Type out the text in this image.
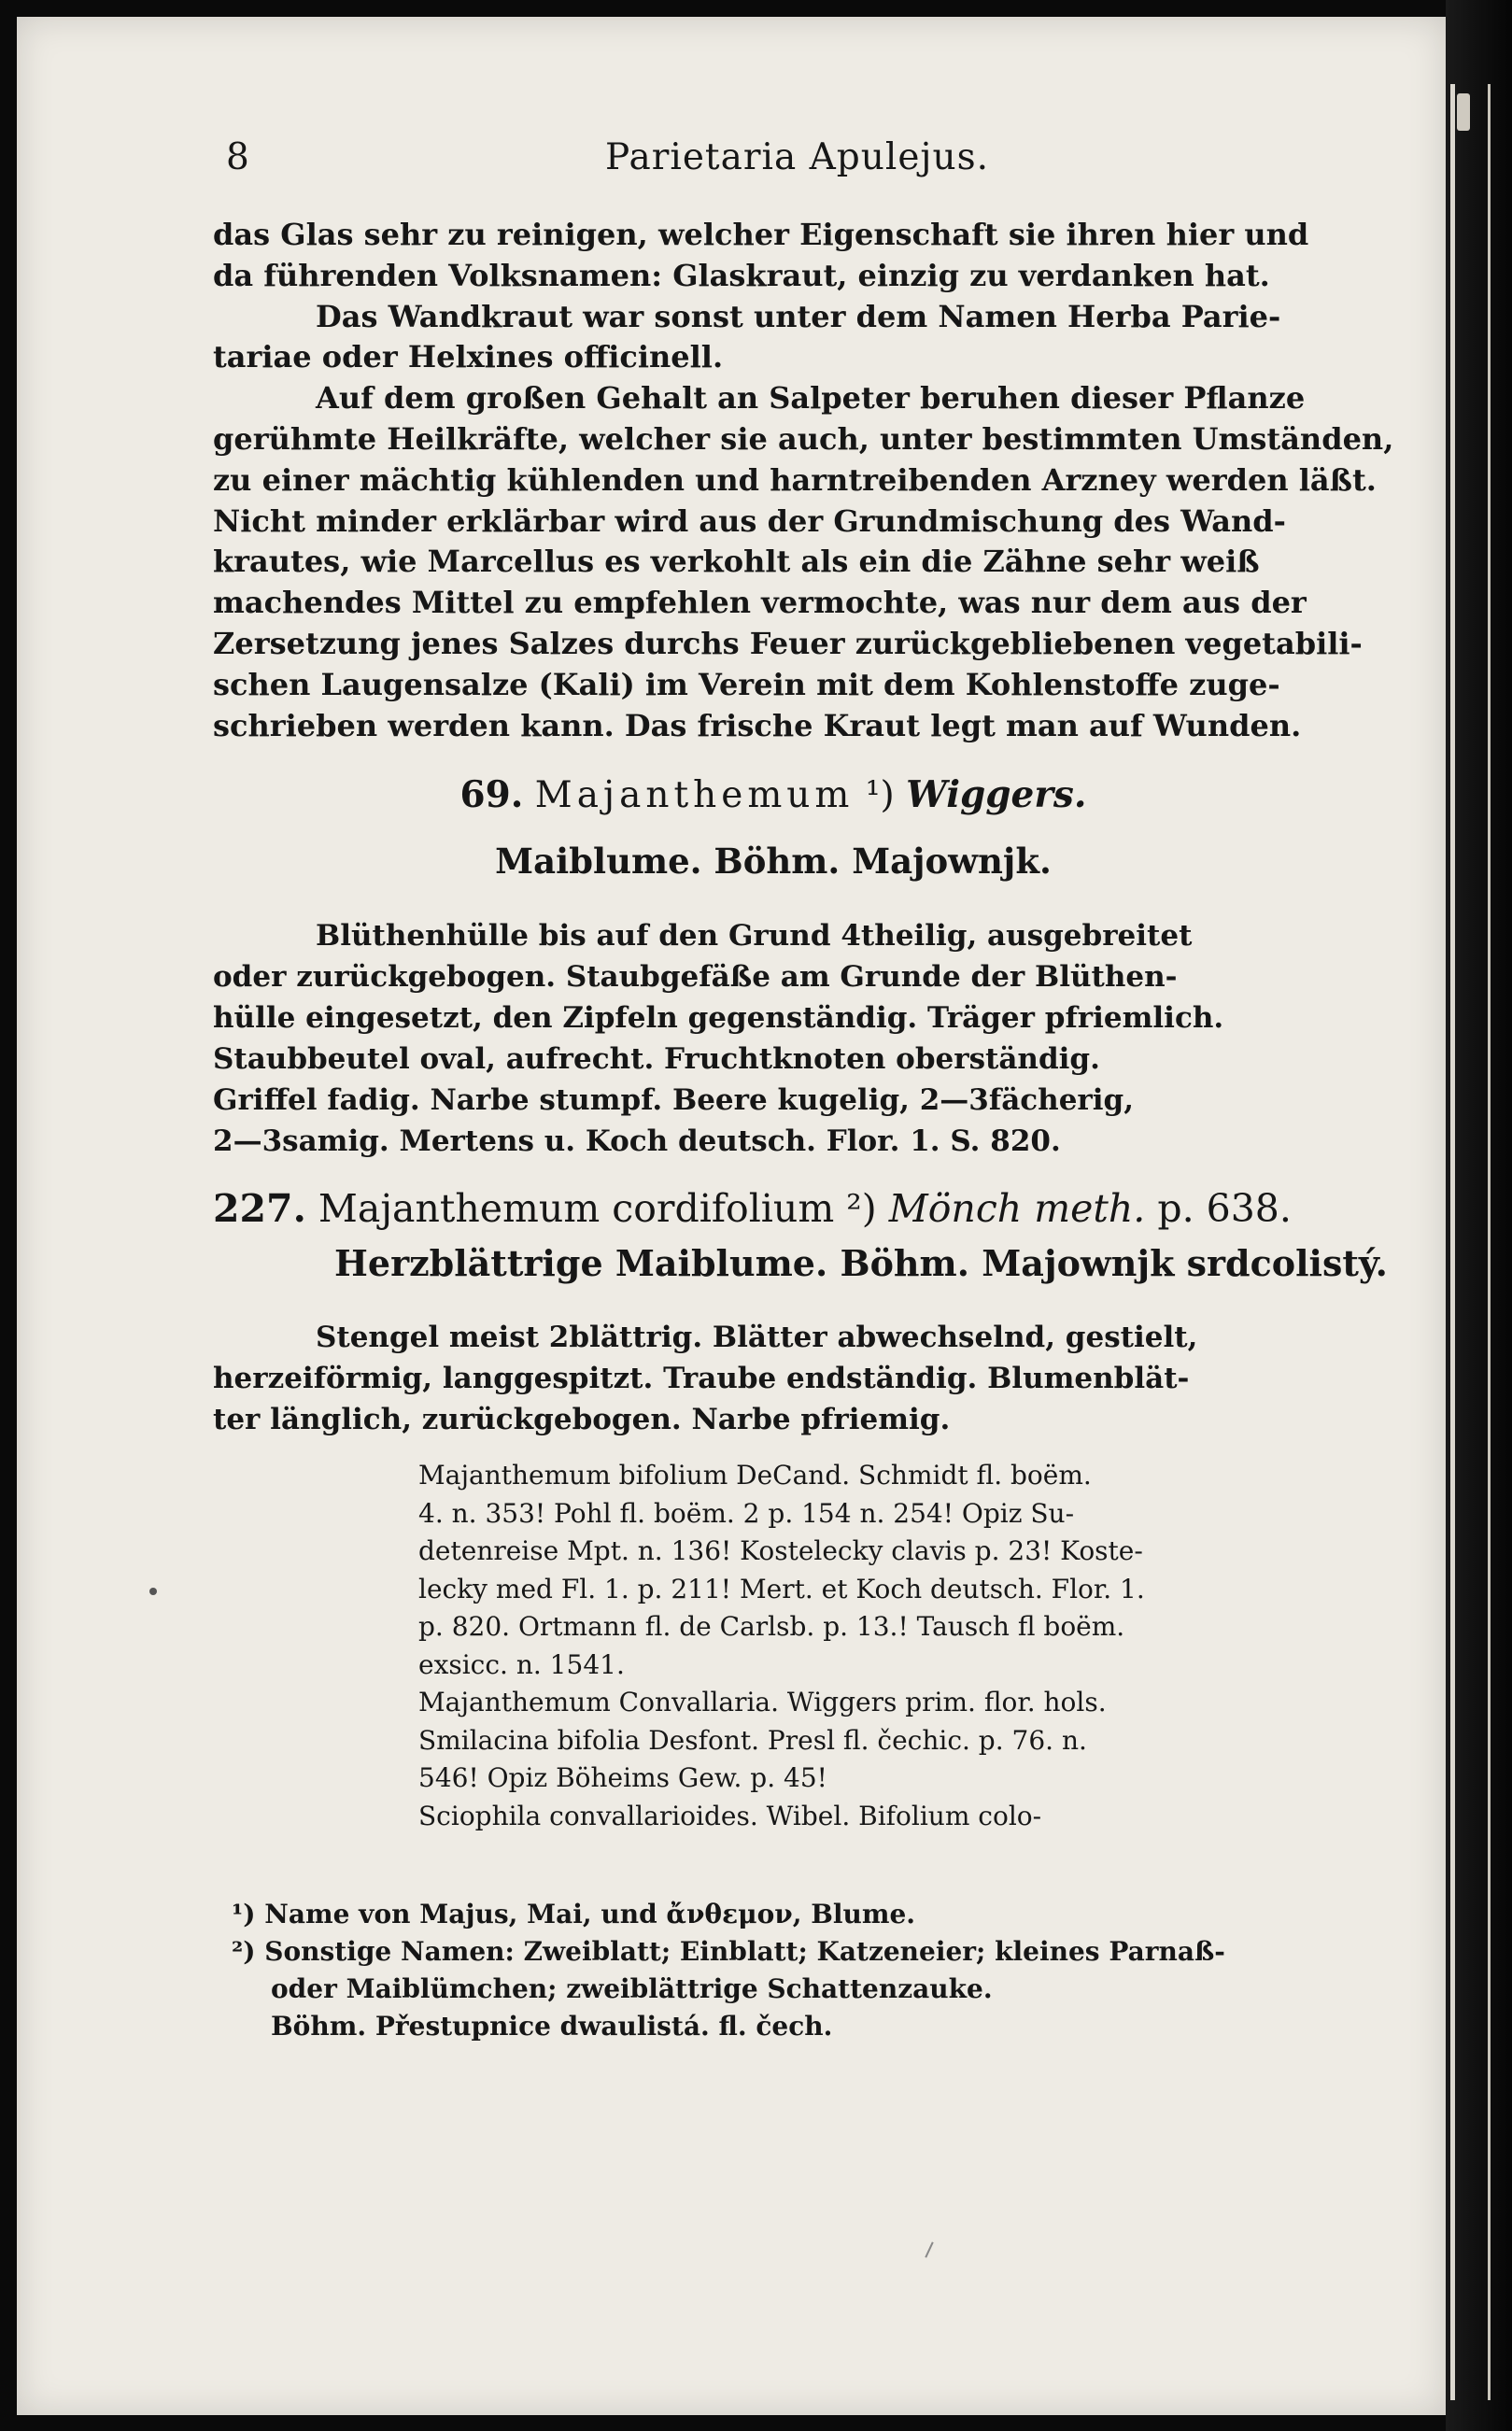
8	Parietaria Apulejus.
das Glas sehr zu reinigen, welcher Eigenschaft sie ihren hier und
da führenden Volksnamen: Glaskraut, einzig zu verdanken hat.
Das Wandkraut war sonst unter dem Namen Herba Parie-
tariae oder Helxines officinell.
Auf dem großen Gehalt an Salpeter beruhen dieser Pflanze
gerühmte Heilkräfte, welcher sie auch, unter bestimmten Umständen,
zu einer mächtig kühlenden und harntreibenden Arzney werden läßt.
Nicht minder erklärbar wird aus der Grundmischung des Wand-
krautes, wie Marcellus es verkohlt als ein die Zähne sehr weiß
machendes Mittel zu empfehlen vermochte, was nur dem aus der
Zersetzung jenes Salzes durchs Feuer zurückgebliebenen vegetabili-
schen Laugensalze (Kali) im Verein mit dem Kohlenstoffe zuge-
schrieben werden kann. Das frische Kraut legt man auf Wunden.
69. Majanthemum ¹) Wiggers.
Maiblume. Böhm. Majownjk.
Blüthenhülle bis auf den Grund 4theilig, ausgebreitet
oder zurückgebogen. Staubgefäße am Grunde der Blüthen-
hülle eingesetzt, den Zipfeln gegenständig. Träger pfriemlich.
Staubbeutel oval, aufrecht. Fruchtknoten oberständig.
Griffel fadig. Narbe stumpf. Beere kugelig, 2—3fächerig,
2—3samig. Mertens u. Koch deutsch. Flor. 1. S. 820.
227. Majanthemum cordifolium ²) Mönch meth. p. 638.
Herzblättrige Maiblume. Böhm. Majownjk srdcolistý.
Stengel meist 2blättrig. Blätter abwechselnd, gestielt,
herzeiförmig, langgespitzt. Traube endständig. Blumenblät-
ter länglich, zurückgebogen. Narbe pfriemig.
Majanthemum bifolium DeCand. Schmidt fl. boëm.
4. n. 353! Pohl fl. boëm. 2 p. 154 n. 254! Opiz Su-
detenreise Mpt. n. 136! Kostelecky clavis p. 23! Koste-
lecky med Fl. 1. p. 211! Mert. et Koch deutsch. Flor. 1.
p. 820. Ortmann fl. de Carlsb. p. 13.! Tausch fl boëm.
exsicc. n. 1541.
Majanthemum Convallaria. Wiggers prim. flor. hols.
Smilacina bifolia Desfont. Presl fl. čechic. p. 76. n.
546! Opiz Böheims Gew. p. 45!
Sciophila convallarioides. Wibel. Bifolium colo-
¹) Name von Majus, Mai, und ἄνθεμον, Blume.
²) Sonstige Namen: Zweiblatt; Einblatt; Katzeneier; kleines Parnaß-
oder Maiblümchen; zweiblättrige Schattenzauke.
Böhm. Přestupnice dwaulistá. fl. čech.
